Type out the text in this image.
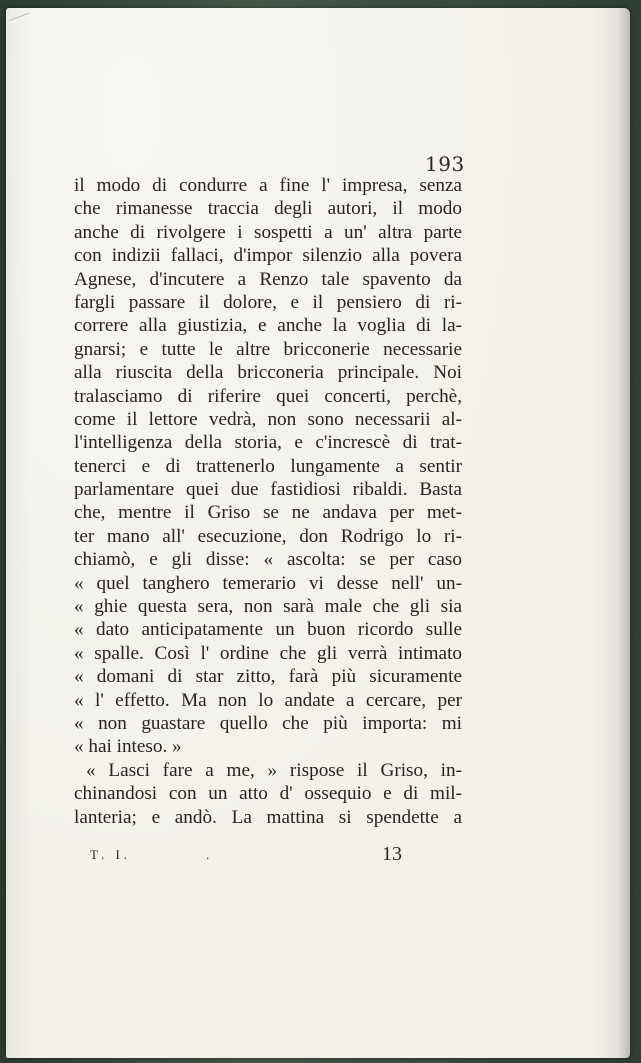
193
il modo di condurre a fine l' impresa, senza
che rimanesse traccia degli autori, il modo
anche di rivolgere i sospetti a un' altra parte
con indizii fallaci, d'impor silenzio alla povera
Agnese, d'incutere a Renzo tale spavento da
fargli passare il dolore, e il pensiero di ri-
correre alla giustizia, e anche la voglia di la-
gnarsi; e tutte le altre bricconerie necessarie
alla riuscita della bricconeria principale. Noi
tralasciamo di riferire quei concerti, perchè,
come il lettore vedrà, non sono necessarii al-
l'intelligenza della storia, e c'increscè di trat-
tenerci e di trattenerlo lungamente a sentir
parlamentare quei due fastidiosi ribaldi. Basta
che, mentre il Griso se ne andava per met-
ter mano all' esecuzione, don Rodrigo lo ri-
chiamò, e gli disse: « ascolta: se per caso
« quel tanghero temerario vi desse nell' un-
« ghie questa sera, non sarà male che gli sia
« dato anticipatamente un buon ricordo sulle
« spalle. Così l' ordine che gli verrà intimato
« domani di star zitto, farà più sicuramente
« l' effetto. Ma non lo andate a cercare, per
« non guastare quello che più importa: mi
« hai inteso. »
« Lasci fare a me, » rispose il Griso, in-
chinandosi con un atto d' ossequio e di mil-
lanteria; e andò. La mattina si spendette a
T. I.	.	13
